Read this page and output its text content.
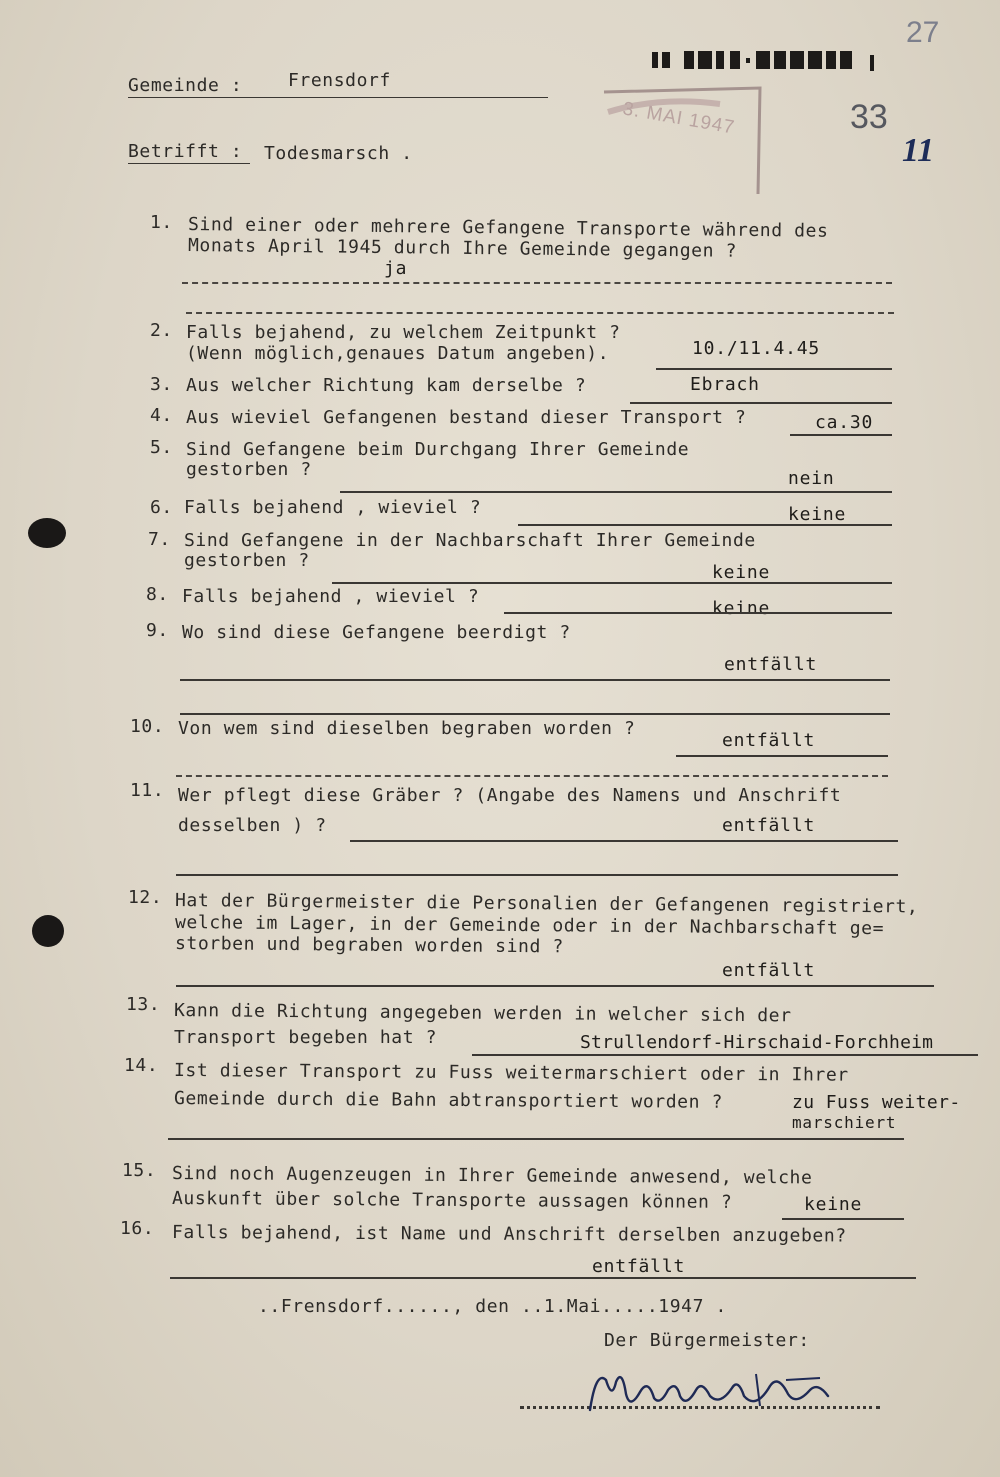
27
33
11
3. MAI 1947
Gemeinde :	Frensdorf
Betrifft : Todesmarsch .
1. Sind einer oder mehrere Gefangene Transporte während des
Monats April 1945 durch Ihre Gemeinde gegangen ?
ja
2. Falls bejahend, zu welchem Zeitpunkt ?
(Wenn möglich,genaues Datum angeben).	10./11.4.45
3. Aus welcher Richtung kam derselbe ?	Ebrach
4. Aus wieviel Gefangenen bestand dieser Transport ?	ca.30
5. Sind Gefangene beim Durchgang Ihrer Gemeinde
gestorben ?	nein
6. Falls bejahend , wieviel ?	keine
7. Sind Gefangene in der Nachbarschaft Ihrer Gemeinde
gestorben ?
keine
8. Falls bejahend , wieviel ?
keine
9. Wo sind diese Gefangene beerdigt ?
entfällt
10. Von wem sind dieselben begraben worden ?
entfällt
11. Wer pflegt diese Gräber ? (Angabe des Namens und Anschrift
desselben ) ?	entfällt
12. Hat der Bürgermeister die Personalien der Gefangenen registriert,
welche im Lager, in der Gemeinde oder in der Nachbarschaft ge=
storben und begraben worden sind ?
entfällt
13. Kann die Richtung angegeben werden in welcher sich der
Transport begeben hat ?	Strullendorf-Hirschaid-Forchheim
14. Ist dieser Transport zu Fuss weitermarschiert oder in Ihrer
Gemeinde durch die Bahn abtransportiert worden ?	zu Fuss weiter-
marschiert
15. Sind noch Augenzeugen in Ihrer Gemeinde anwesend, welche
Auskunft über solche Transporte aussagen können ?	keine
16. Falls bejahend, ist Name und Anschrift derselben anzugeben?
entfällt
..Frensdorf......, den ..1.Mai.....1947 .
Der Bürgermeister:
